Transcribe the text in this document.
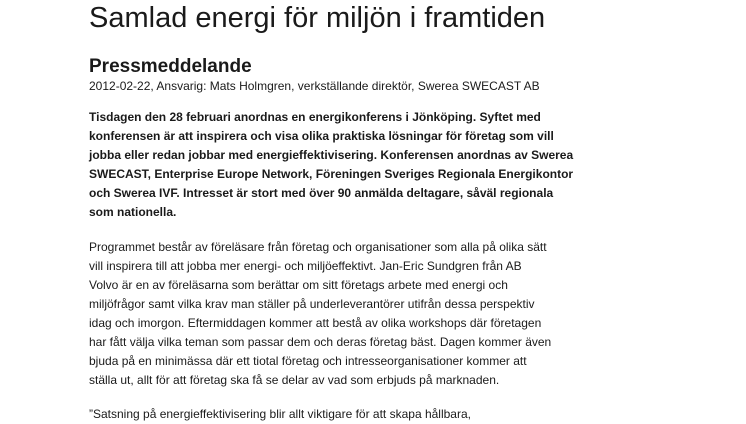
Samlad energi för miljön i framtiden
Pressmeddelande
2012-02-22, Ansvarig: Mats Holmgren, verkställande direktör, Swerea SWECAST AB
Tisdagen den 28 februari anordnas en energikonferens i Jönköping. Syftet med
konferensen är att inspirera och visa olika praktiska lösningar för företag som vill
jobba eller redan jobbar med energieffektivisering. Konferensen anordnas av Swerea
SWECAST, Enterprise Europe Network, Föreningen Sveriges Regionala Energikontor
och Swerea IVF. Intresset är stort med över 90 anmälda deltagare, såväl regionala
som nationella.
Programmet består av föreläsare från företag och organisationer som alla på olika sätt
vill inspirera till att jobba mer energi- och miljöeffektivt. Jan-Eric Sundgren från AB
Volvo är en av föreläsarna som berättar om sitt företags arbete med energi och
miljöfrågor samt vilka krav man ställer på underleverantörer utifrån dessa perspektiv
idag och imorgon. Eftermiddagen kommer att bestå av olika workshops där företagen
har fått välja vilka teman som passar dem och deras företag bäst. Dagen kommer även
bjuda på en minimässa där ett tiotal företag och intresseorganisationer kommer att
ställa ut, allt för att företag ska få se delar av vad som erbjuds på marknaden.
”Satsning på energieffektivisering blir allt viktigare för att skapa hållbara,
